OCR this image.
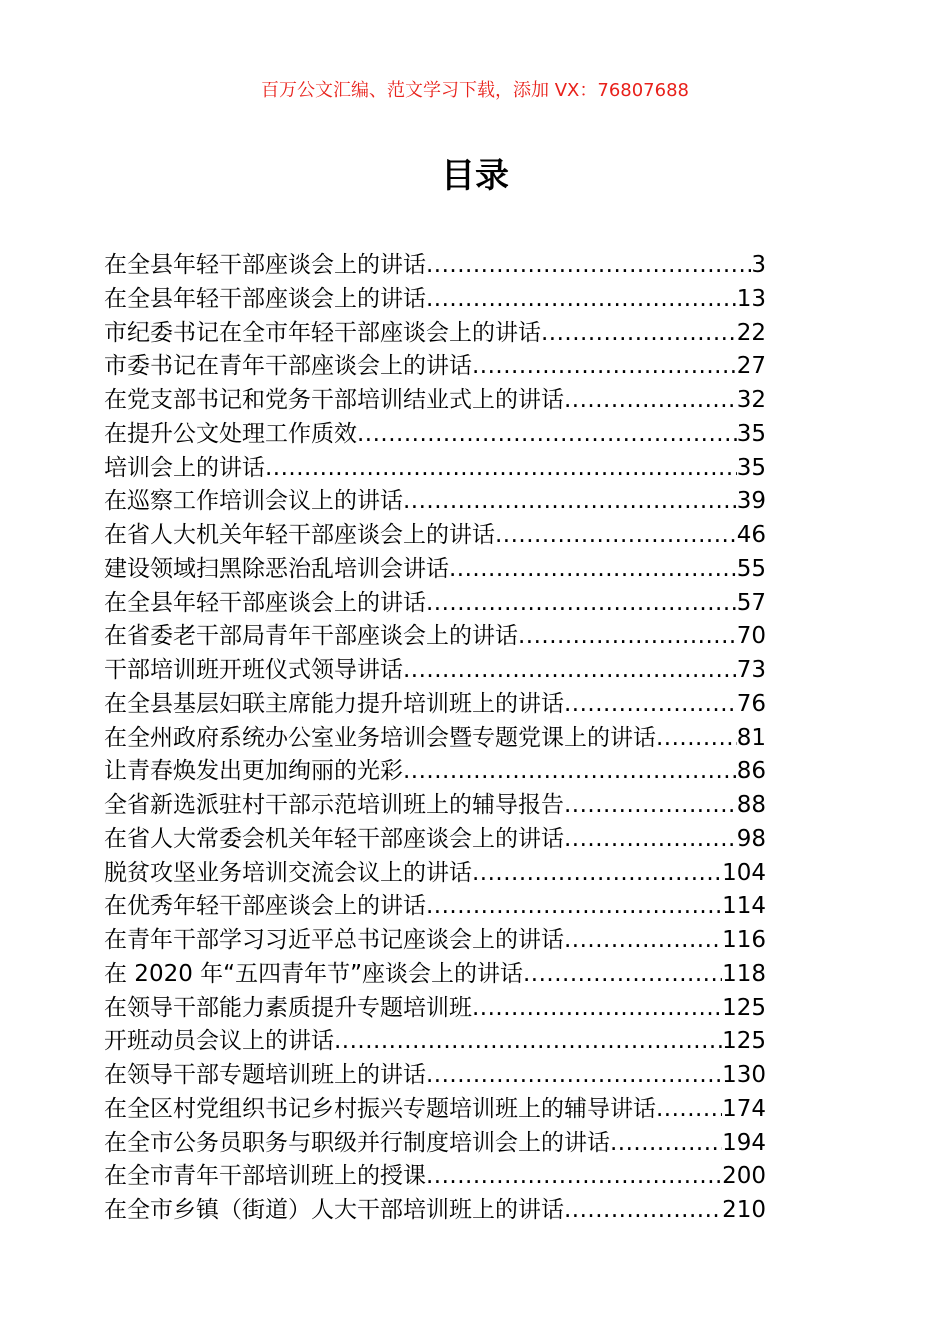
百万公文汇编、范文学习下载，添加 VX：76807688
目录
在全县年轻干部座谈会上的讲话 .....	3
在全县年轻干部座谈会上的讲话 .....	13
市纪委书记在全市年轻干部座谈会上的讲话 .....	22
市委书记在青年干部座谈会上的讲话 .....	27
在党支部书记和党务干部培训结业式上的讲话 .....	32
在提升公文处理工作质效 .....	35
培训会上的讲话 .....	35
在巡察工作培训会议上的讲话 .....	39
在省人大机关年轻干部座谈会上的讲话 .....	46
建设领域扫黑除恶治乱培训会讲话 .....	55
在全县年轻干部座谈会上的讲话 .....	57
在省委老干部局青年干部座谈会上的讲话 .....	70
干部培训班开班仪式领导讲话 .....	73
在全县基层妇联主席能力提升培训班上的讲话 .....	76
在全州政府系统办公室业务培训会暨专题党课上的讲话 .....	81
让青春焕发出更加绚丽的光彩 .....	86
全省新选派驻村干部示范培训班上的辅导报告 .....	88
在省人大常委会机关年轻干部座谈会上的讲话 .....	98
脱贫攻坚业务培训交流会议上的讲话 .....	104
在优秀年轻干部座谈会上的讲话 .....	114
在青年干部学习习近平总书记座谈会上的讲话 .....	116
在 2020 年“五四青年节”座谈会上的讲话 .....	118
在领导干部能力素质提升专题培训班 .....	125
开班动员会议上的讲话 .....	125
在领导干部专题培训班上的讲话 .....	130
在全区村党组织书记乡村振兴专题培训班上的辅导讲话 .....	174
在全市公务员职务与职级并行制度培训会上的讲话 .....	194
在全市青年干部培训班上的授课 .....	200
在全市乡镇（街道）人大干部培训班上的讲话 .....	210
